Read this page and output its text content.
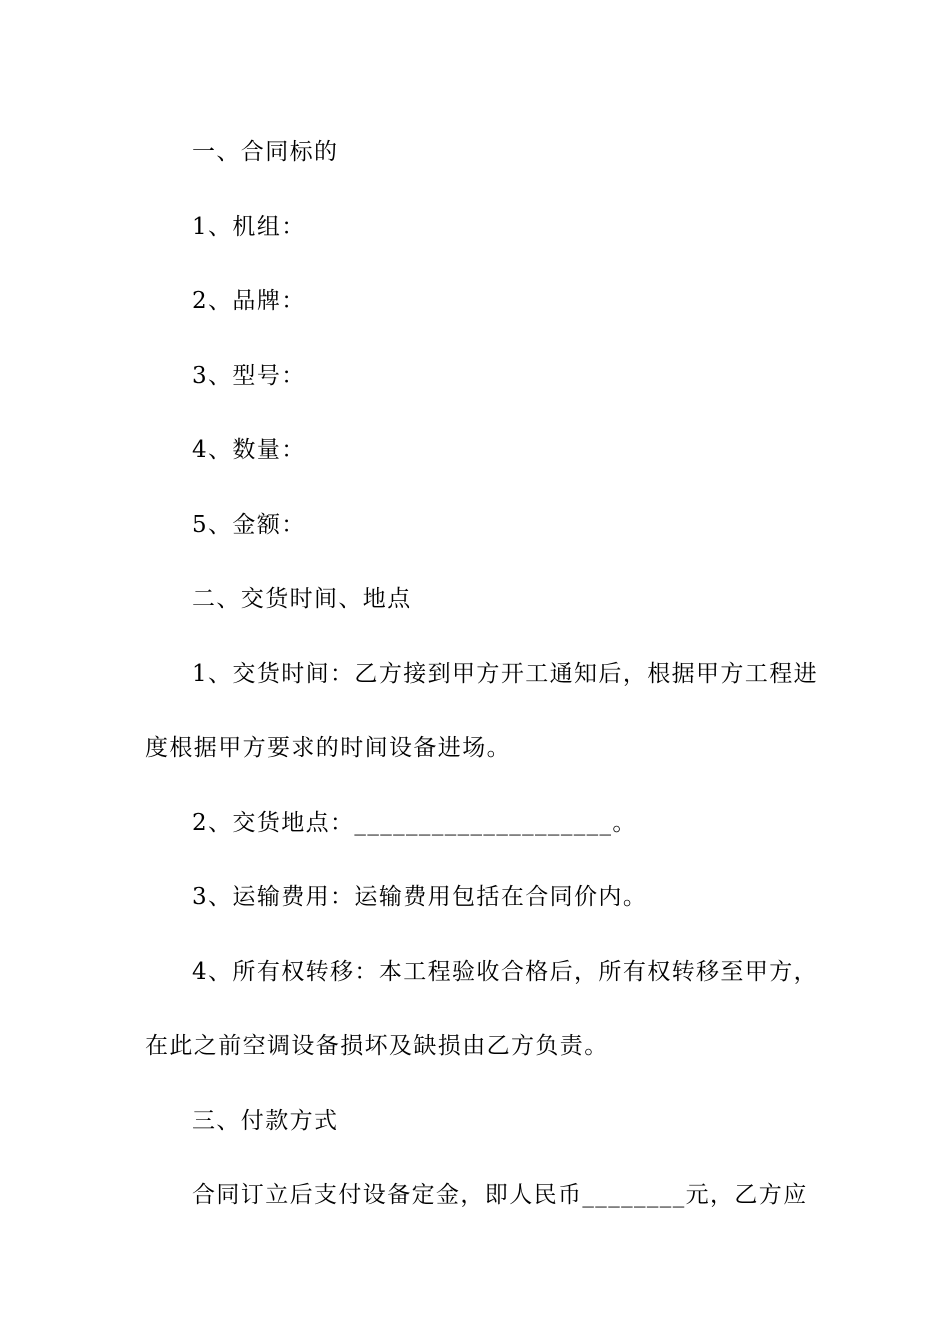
一、合同标的
1、机组：
2、品牌：
3、型号：
4、数量：
5、金额：
二、交货时间、地点
1、交货时间：乙方接到甲方开工通知后，根据甲方工程进
度根据甲方要求的时间设备进场。
2、交货地点：____________________。
3、运输费用：运输费用包括在合同价内。
4、所有权转移：本工程验收合格后，所有权转移至甲方，
在此之前空调设备损坏及缺损由乙方负责。
三、付款方式
合同订立后支付设备定金，即人民币________元，乙方应
